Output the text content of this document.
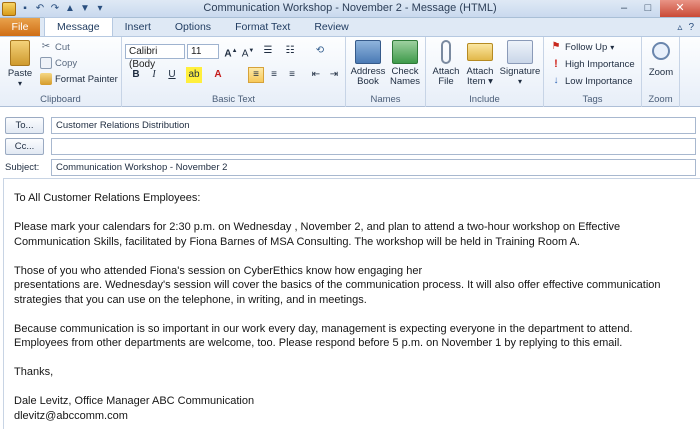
▪ ↶ ↷ ▲ ▼ ▾	Communication Workshop - November 2 - Message (HTML)	–	□	✕
File	Message	Insert	Options	Format Text	Review	▵ ?
Paste
▾
✂ Cut
Copy
Format Painter
Clipboard
Calibri (Body
11	A▲ A▼ ☰	☷	⟲
B	I	U	ab	A	≡	≡	≡	⇤ ⇥
Basic Text
Address
Book
Check
Names
Names
Attach
File
Attach
Item ▾
Signature
▾
Include
⚑ Follow Up ▾
! High Importance
↓ Low Importance
Tags
Zoom
Zoom
To...	Customer Relations Distribution
Cc...
Subject:	Communication Workshop - November 2

To All Customer Relations Employees:

Please mark your calendars for 2:30 p.m. on Wednesday , November 2, and plan to attend a two-hour workshop on Effective Communication Skills, facilitated by Fiona Barnes of MSA Consulting. The workshop will be held in Training Room A.

Those of you who attended Fiona's session on CyberEthics know how engaging her

presentations are. Wednesday's session will cover the basics of the communication process. It will also offer effective communication strategies that you can use on the telephone, in writing, and in meetings.

Because communication is so important in our work every day, management is expecting everyone in the department to attend. Employees from other departments are welcome, too. Please respond before 5 p.m. on November 1 by replying to this email.

Thanks,

Dale Levitz, Office Manager ABC Communication

dlevitz@abccomm.com
